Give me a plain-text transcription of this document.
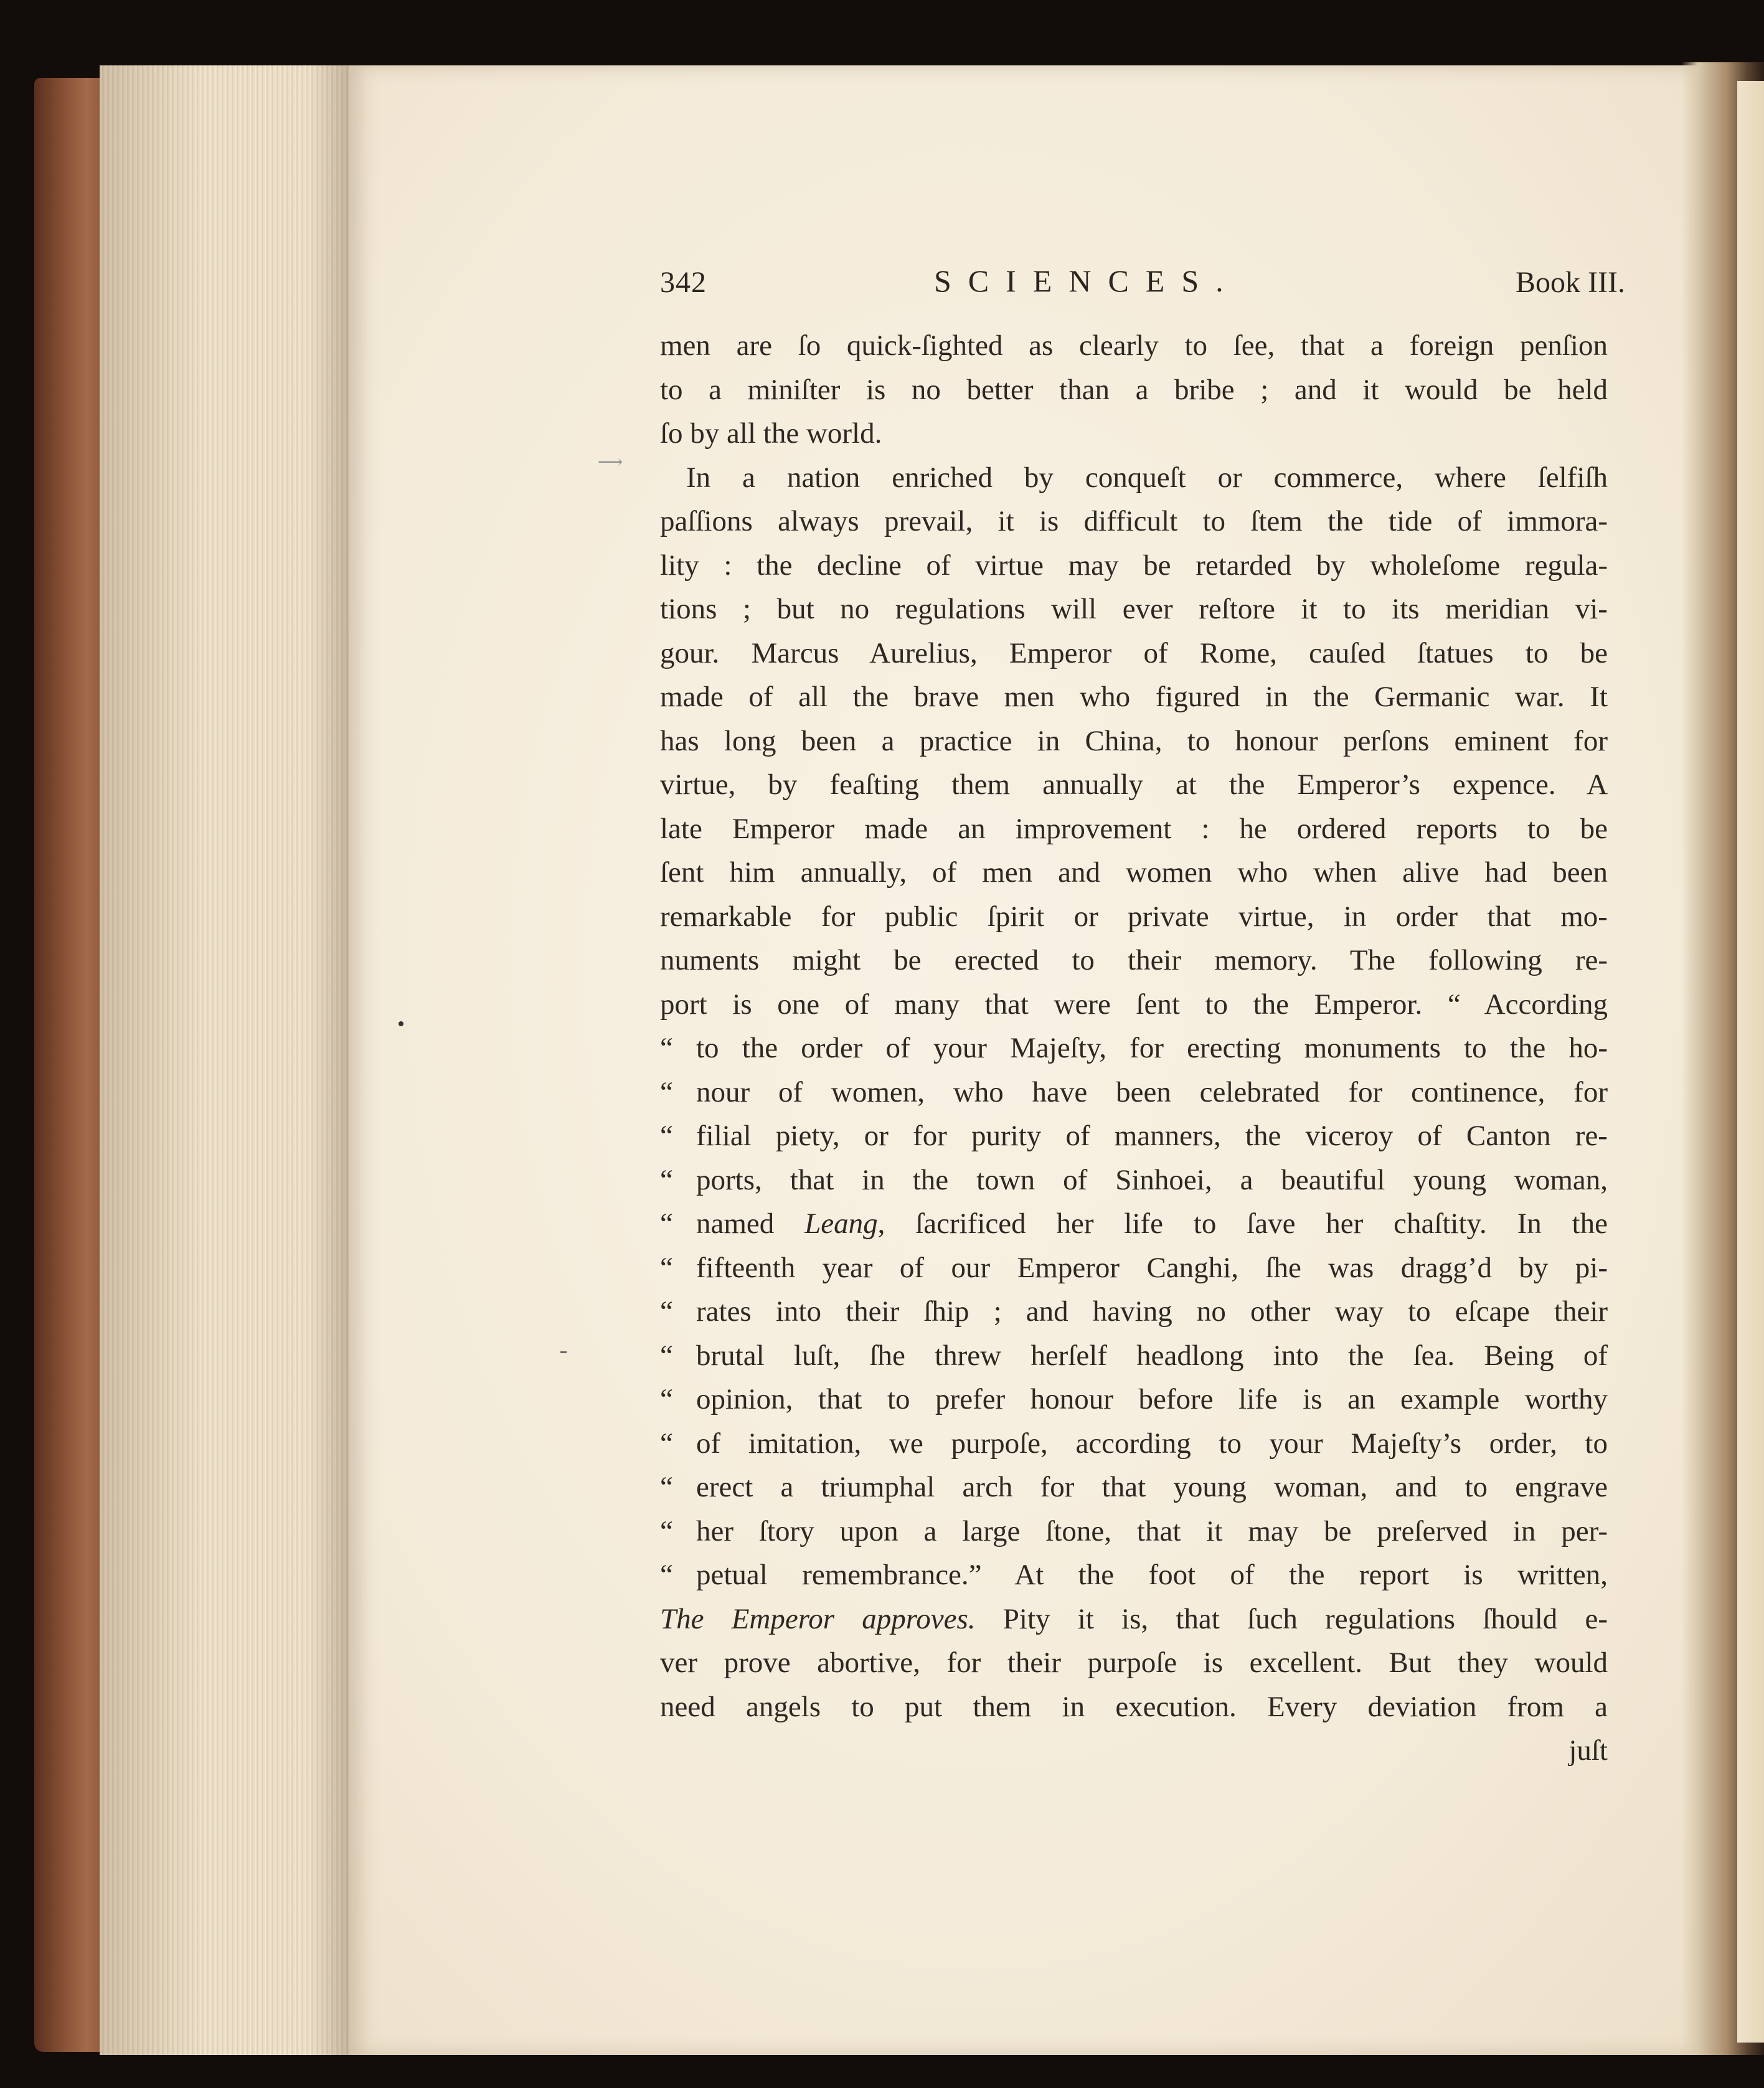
342	SCIENCES.	Book III.
⟶
men are ſo quick-ſighted as clearly to ſee, that a foreign penſion
to a miniſter is no better than a bribe ; and it would be held
ſo by all the world.
In a nation enriched by conqueſt or commerce, where ſelfiſh
paſſions always prevail, it is difficult to ſtem the tide of immora-
lity : the decline of virtue may be retarded by wholeſome regula-
tions ; but no regulations will ever reſtore it to its meridian vi-
gour. Marcus Aurelius, Emperor of Rome, cauſed ſtatues to be
made of all the brave men who figured in the Germanic war. It
has long been a practice in China, to honour perſons eminent for
virtue, by feaſting them annually at the Emperor’s expence. A
late Emperor made an improvement : he ordered reports to be
ſent him annually, of men and women who when alive had been
remarkable for public ſpirit or private virtue, in order that mo-
numents might be erected to their memory. The following re-
port is one of many that were ſent to the Emperor. “ According
“ to the order of your Majeſty, for erecting monuments to the ho-
“ nour of women, who have been celebrated for continence, for
“ filial piety, or for purity of manners, the viceroy of Canton re-
“ ports, that in the town of Sinhoei, a beautiful young woman,
“ named Leang, ſacrificed her life to ſave her chaſtity. In the
“ fifteenth year of our Emperor Canghi, ſhe was dragg’d by pi-
“ rates into their ſhip ; and having no other way to eſcape their
“ brutal luſt, ſhe threw herſelf headlong into the ſea. Being of
“ opinion, that to prefer honour before life is an example worthy
“ of imitation, we purpoſe, according to your Majeſty’s order, to
“ erect a triumphal arch for that young woman, and to engrave
“ her ſtory upon a large ſtone, that it may be preſerved in per-
“ petual remembrance.” At the foot of the report is written,
The Emperor approves. Pity it is, that ſuch regulations ſhould e-
ver prove abortive, for their purpoſe is excellent. But they would
need angels to put them in execution. Every deviation from a
juſt
